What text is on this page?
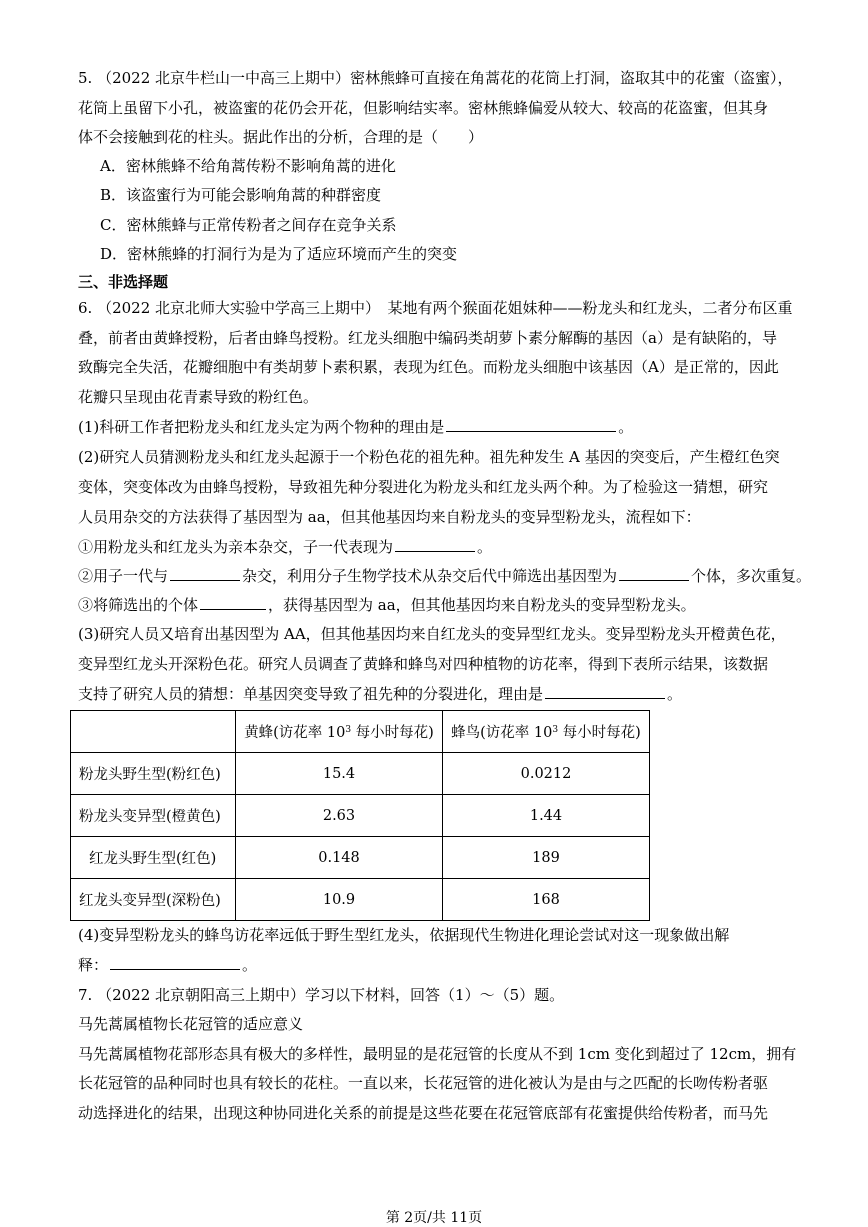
5. （2022 北京牛栏山一中高三上期中）密林熊蜂可直接在角蒿花的花筒上打洞，盗取其中的花蜜（盗蜜），
花筒上虽留下小孔，被盗蜜的花仍会开花，但影响结实率。密林熊蜂偏爱从较大、较高的花盗蜜，但其身
体不会接触到花的柱头。据此作出的分析，合理的是（　　）
A．密林熊蜂不给角蒿传粉不影响角蒿的进化
B．该盗蜜行为可能会影响角蒿的种群密度
C．密林熊蜂与正常传粉者之间存在竞争关系
D．密林熊蜂的打洞行为是为了适应环境而产生的突变
三、非选择题
6. （2022 北京北师大实验中学高三上期中）　某地有两个猴面花姐妹种——粉龙头和红龙头，二者分布区重
叠，前者由黄蜂授粉，后者由蜂鸟授粉。红龙头细胞中编码类胡萝卜素分解酶的基因（a）是有缺陷的，导
致酶完全失活，花瓣细胞中有类胡萝卜素积累，表现为红色。而粉龙头细胞中该基因（A）是正常的，因此
花瓣只呈现由花青素导致的粉红色。
(1)科研工作者把粉龙头和红龙头定为两个物种的理由是	。
(2)研究人员猜测粉龙头和红龙头起源于一个粉色花的祖先种。祖先种发生 A 基因的突变后，产生橙红色突
变体，突变体改为由蜂鸟授粉，导致祖先种分裂进化为粉龙头和红龙头两个种。为了检验这一猜想，研究
人员用杂交的方法获得了基因型为 aa，但其他基因均来自粉龙头的变异型粉龙头，流程如下：
①用粉龙头和红龙头为亲本杂交，子一代表现为	。
②用子一代与	杂交，利用分子生物学技术从杂交后代中筛选出基因型为	个体，多次重复。
③将筛选出的个体	，获得基因型为 aa，但其他基因均来自粉龙头的变异型粉龙头。
(3)研究人员又培育出基因型为 AA，但其他基因均来自红龙头的变异型红龙头。变异型粉龙头开橙黄色花，
变异型红龙头开深粉色花。研究人员调查了黄蜂和蜂鸟对四种植物的访花率，得到下表所示结果，该数据
支持了研究人员的猜想：单基因突变导致了祖先种的分裂进化，理由是	。
	黄蜂(访花率 $10^3$ 每小时每花)	蜂鸟(访花率 $10^3$ 每小时每花)
粉龙头野生型(粉红色)	15.4	0.0212
粉龙头变异型(橙黄色)	2.63	1.44
红龙头野生型(红色)	0.148	189
红龙头变异型(深粉色)	10.9	168
(4)变异型粉龙头的蜂鸟访花率远低于野生型红龙头，依据现代生物进化理论尝试对这一现象做出解
释：	。
7. （2022 北京朝阳高三上期中）学习以下材料，回答（1）～（5）题。
马先蒿属植物长花冠管的适应意义
马先蒿属植物花部形态具有极大的多样性，最明显的是花冠管的长度从不到 1cm 变化到超过了 12cm，拥有
长花冠管的品种同时也具有较长的花柱。一直以来，长花冠管的进化被认为是由与之匹配的长吻传粉者驱
动选择进化的结果，出现这种协同进化关系的前提是这些花要在花冠管底部有花蜜提供给传粉者，而马先
第 2页/共 11页
